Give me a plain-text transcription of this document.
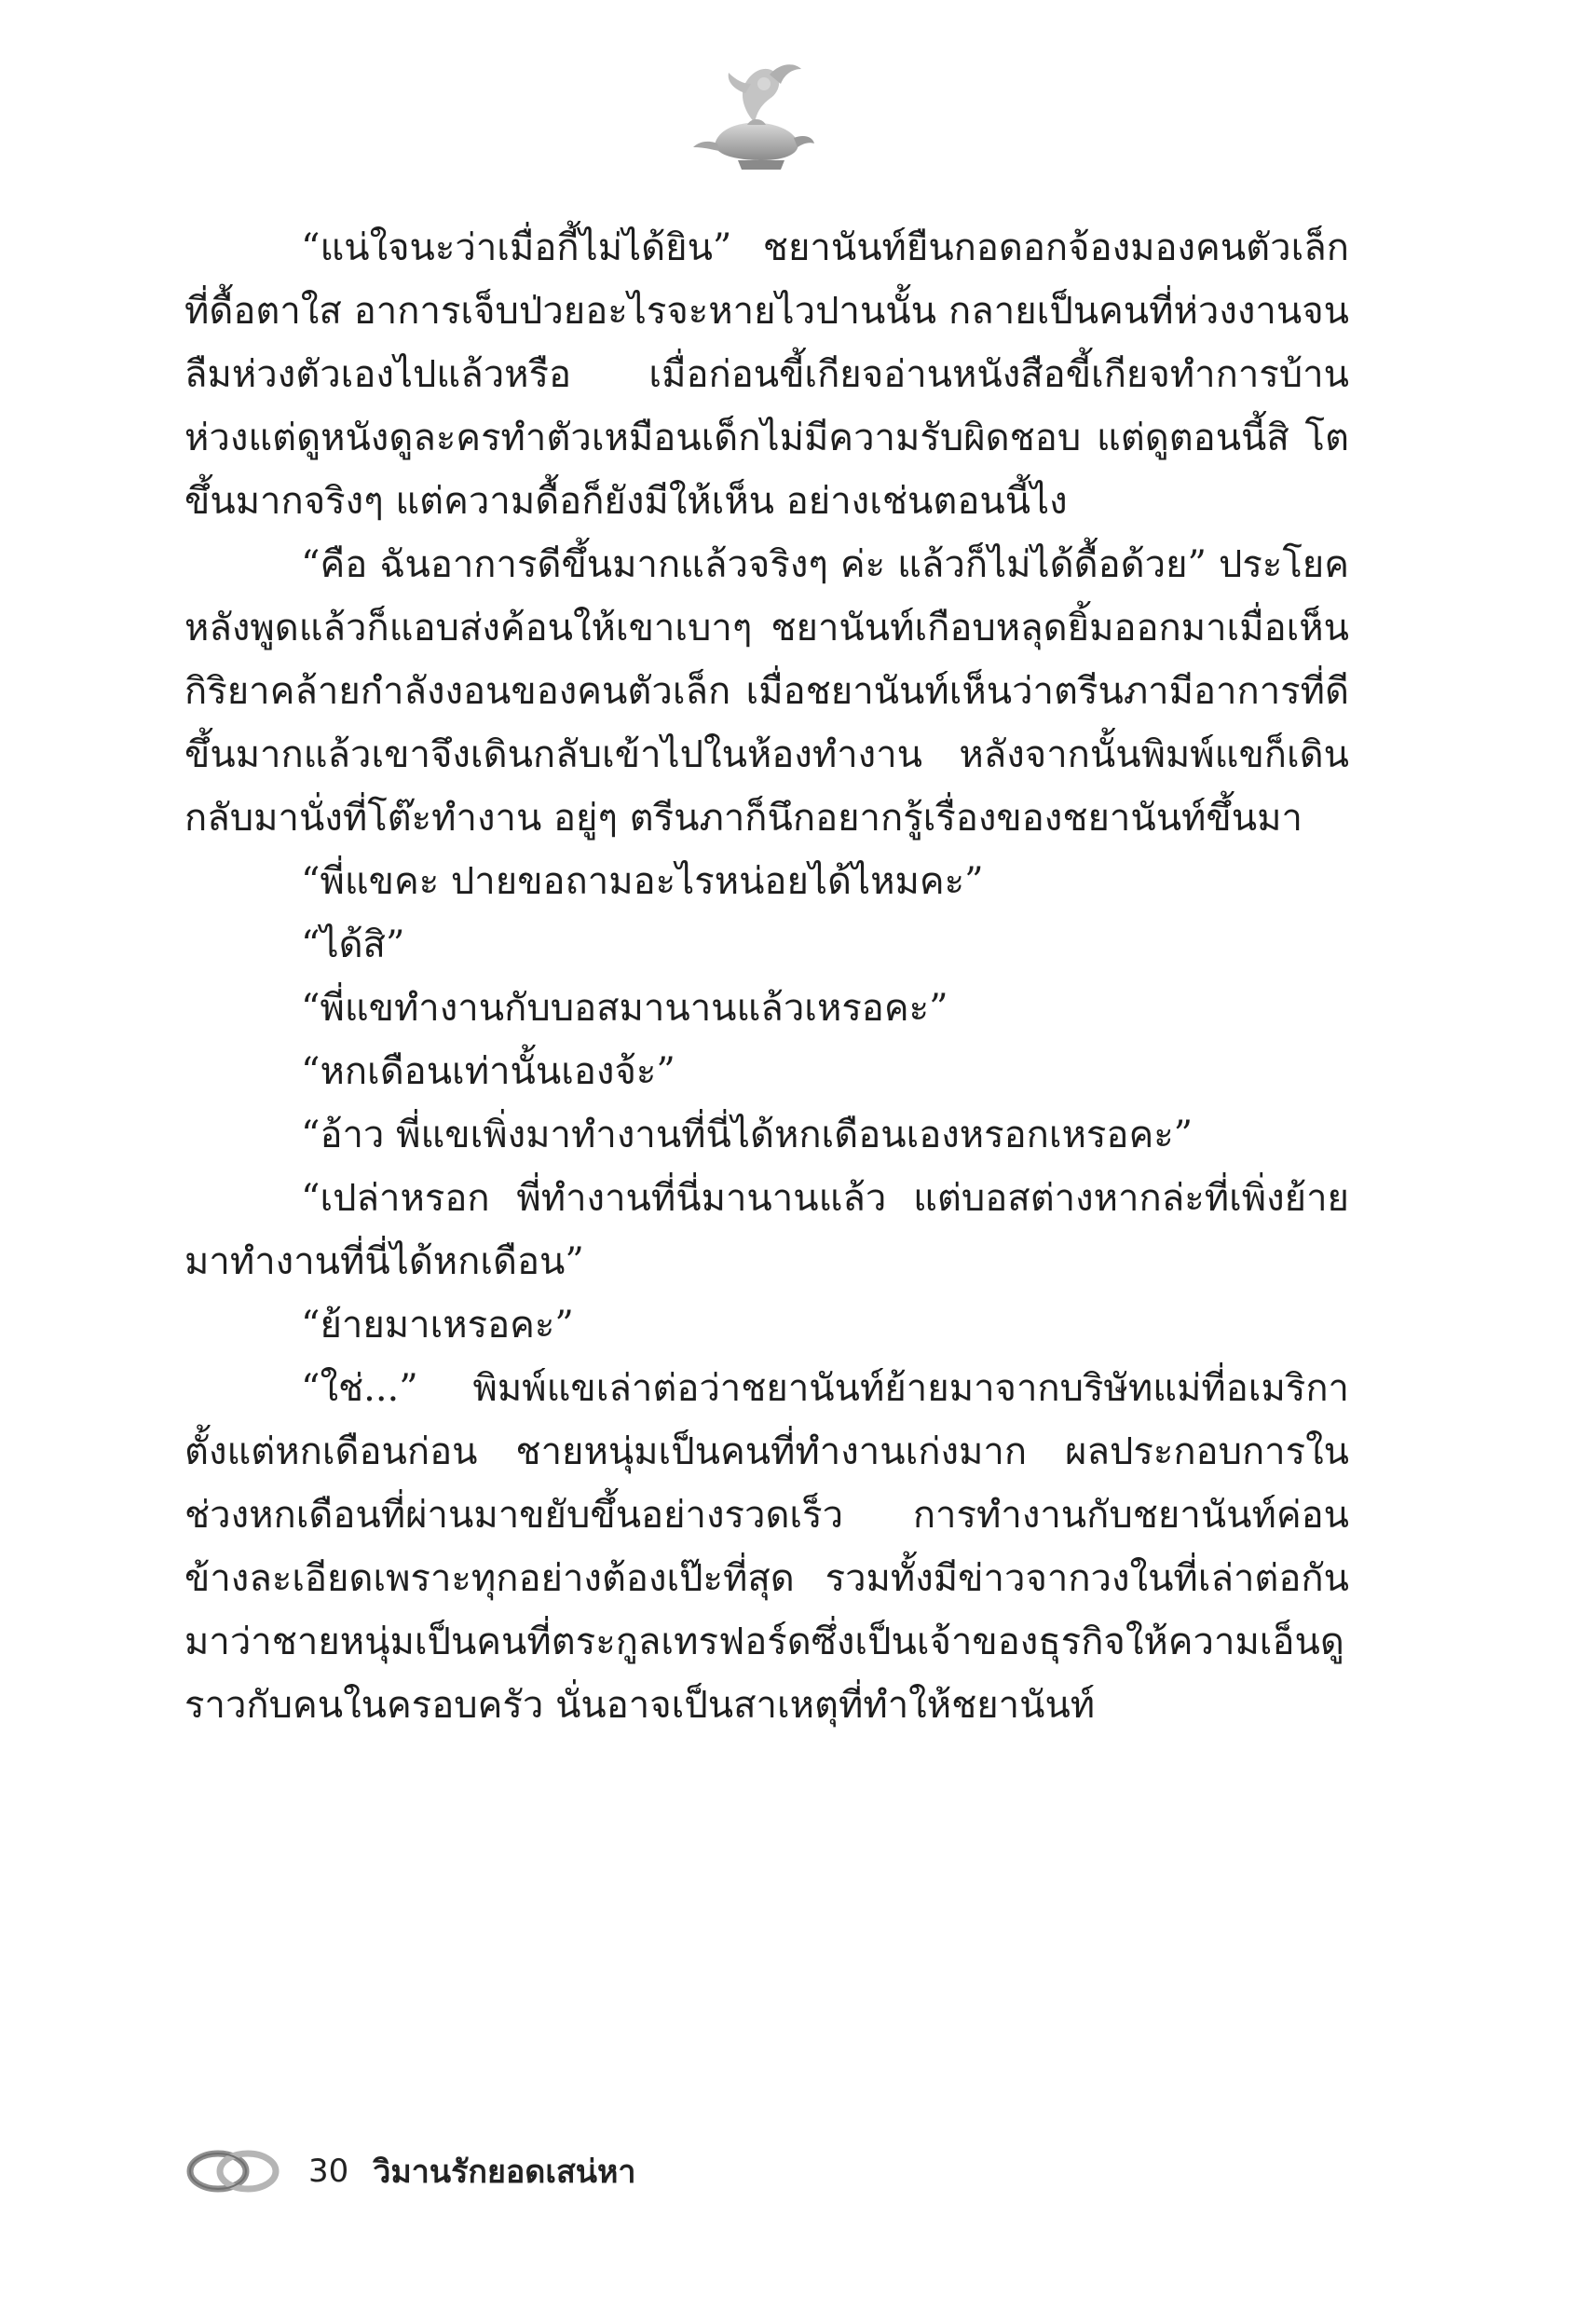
“แน่ใจนะว่าเมื่อกี้ไม่ได้ยิน” ชยานันท์ยืนกอดอกจ้องมองคนตัวเล็กที่ดื้อตาใส อาการเจ็บป่วยอะไรจะหายไวปานนั้น กลายเป็นคนที่ห่วงงานจนลืมห่วงตัวเองไปแล้วหรือ เมื่อก่อนขี้เกียจอ่านหนังสือขี้เกียจทำการบ้าน ห่วงแต่ดูหนังดูละครทำตัวเหมือนเด็กไม่มีความรับผิดชอบ แต่ดูตอนนี้สิ โตขึ้นมากจริงๆ แต่ความดื้อก็ยังมีให้เห็น อย่างเช่นตอนนี้ไง

“คือ ฉันอาการดีขึ้นมากแล้วจริงๆ ค่ะ แล้วก็ไม่ได้ดื้อด้วย” ประโยคหลังพูดแล้วก็แอบส่งค้อนให้เขาเบาๆ ชยานันท์เกือบหลุดยิ้มออกมาเมื่อเห็นกิริยาคล้ายกำลังงอนของคนตัวเล็ก เมื่อชยานันท์เห็นว่าตรีนภามีอาการที่ดีขึ้นมากแล้วเขาจึงเดินกลับเข้าไปในห้องทำงาน หลังจากนั้นพิมพ์แขก็เดินกลับมานั่งที่โต๊ะทำงาน อยู่ๆ ตรีนภาก็นึกอยากรู้เรื่องของชยานันท์ขึ้นมา

“พี่แขคะ ปายขอถามอะไรหน่อยได้ไหมคะ”

“ได้สิ”

“พี่แขทำงานกับบอสมานานแล้วเหรอคะ”

“หกเดือนเท่านั้นเองจ้ะ”

“อ้าว พี่แขเพิ่งมาทำงานที่นี่ได้หกเดือนเองหรอกเหรอคะ”

“เปล่าหรอก พี่ทำงานที่นี่มานานแล้ว แต่บอสต่างหากล่ะที่เพิ่งย้ายมาทำงานที่นี่ได้หกเดือน”

“ย้ายมาเหรอคะ”

“ใช่...” พิมพ์แขเล่าต่อว่าชยานันท์ย้ายมาจากบริษัทแม่ที่อเมริกาตั้งแต่หกเดือนก่อน ชายหนุ่มเป็นคนที่ทำงานเก่งมาก ผลประกอบการในช่วงหกเดือนที่ผ่านมาขยับขึ้นอย่างรวดเร็ว การทำงานกับชยานันท์ค่อนข้างละเอียดเพราะทุกอย่างต้องเป๊ะที่สุด รวมทั้งมีข่าวจากวงในที่เล่าต่อกันมาว่าชายหนุ่มเป็นคนที่ตระกูลเทรฟอร์ดซึ่งเป็นเจ้าของธุรกิจให้ความเอ็นดูราวกับคนในครอบครัว นั่นอาจเป็นสาเหตุที่ทำให้ชยานันท์

30 วิมานรักยอดเสน่หา
